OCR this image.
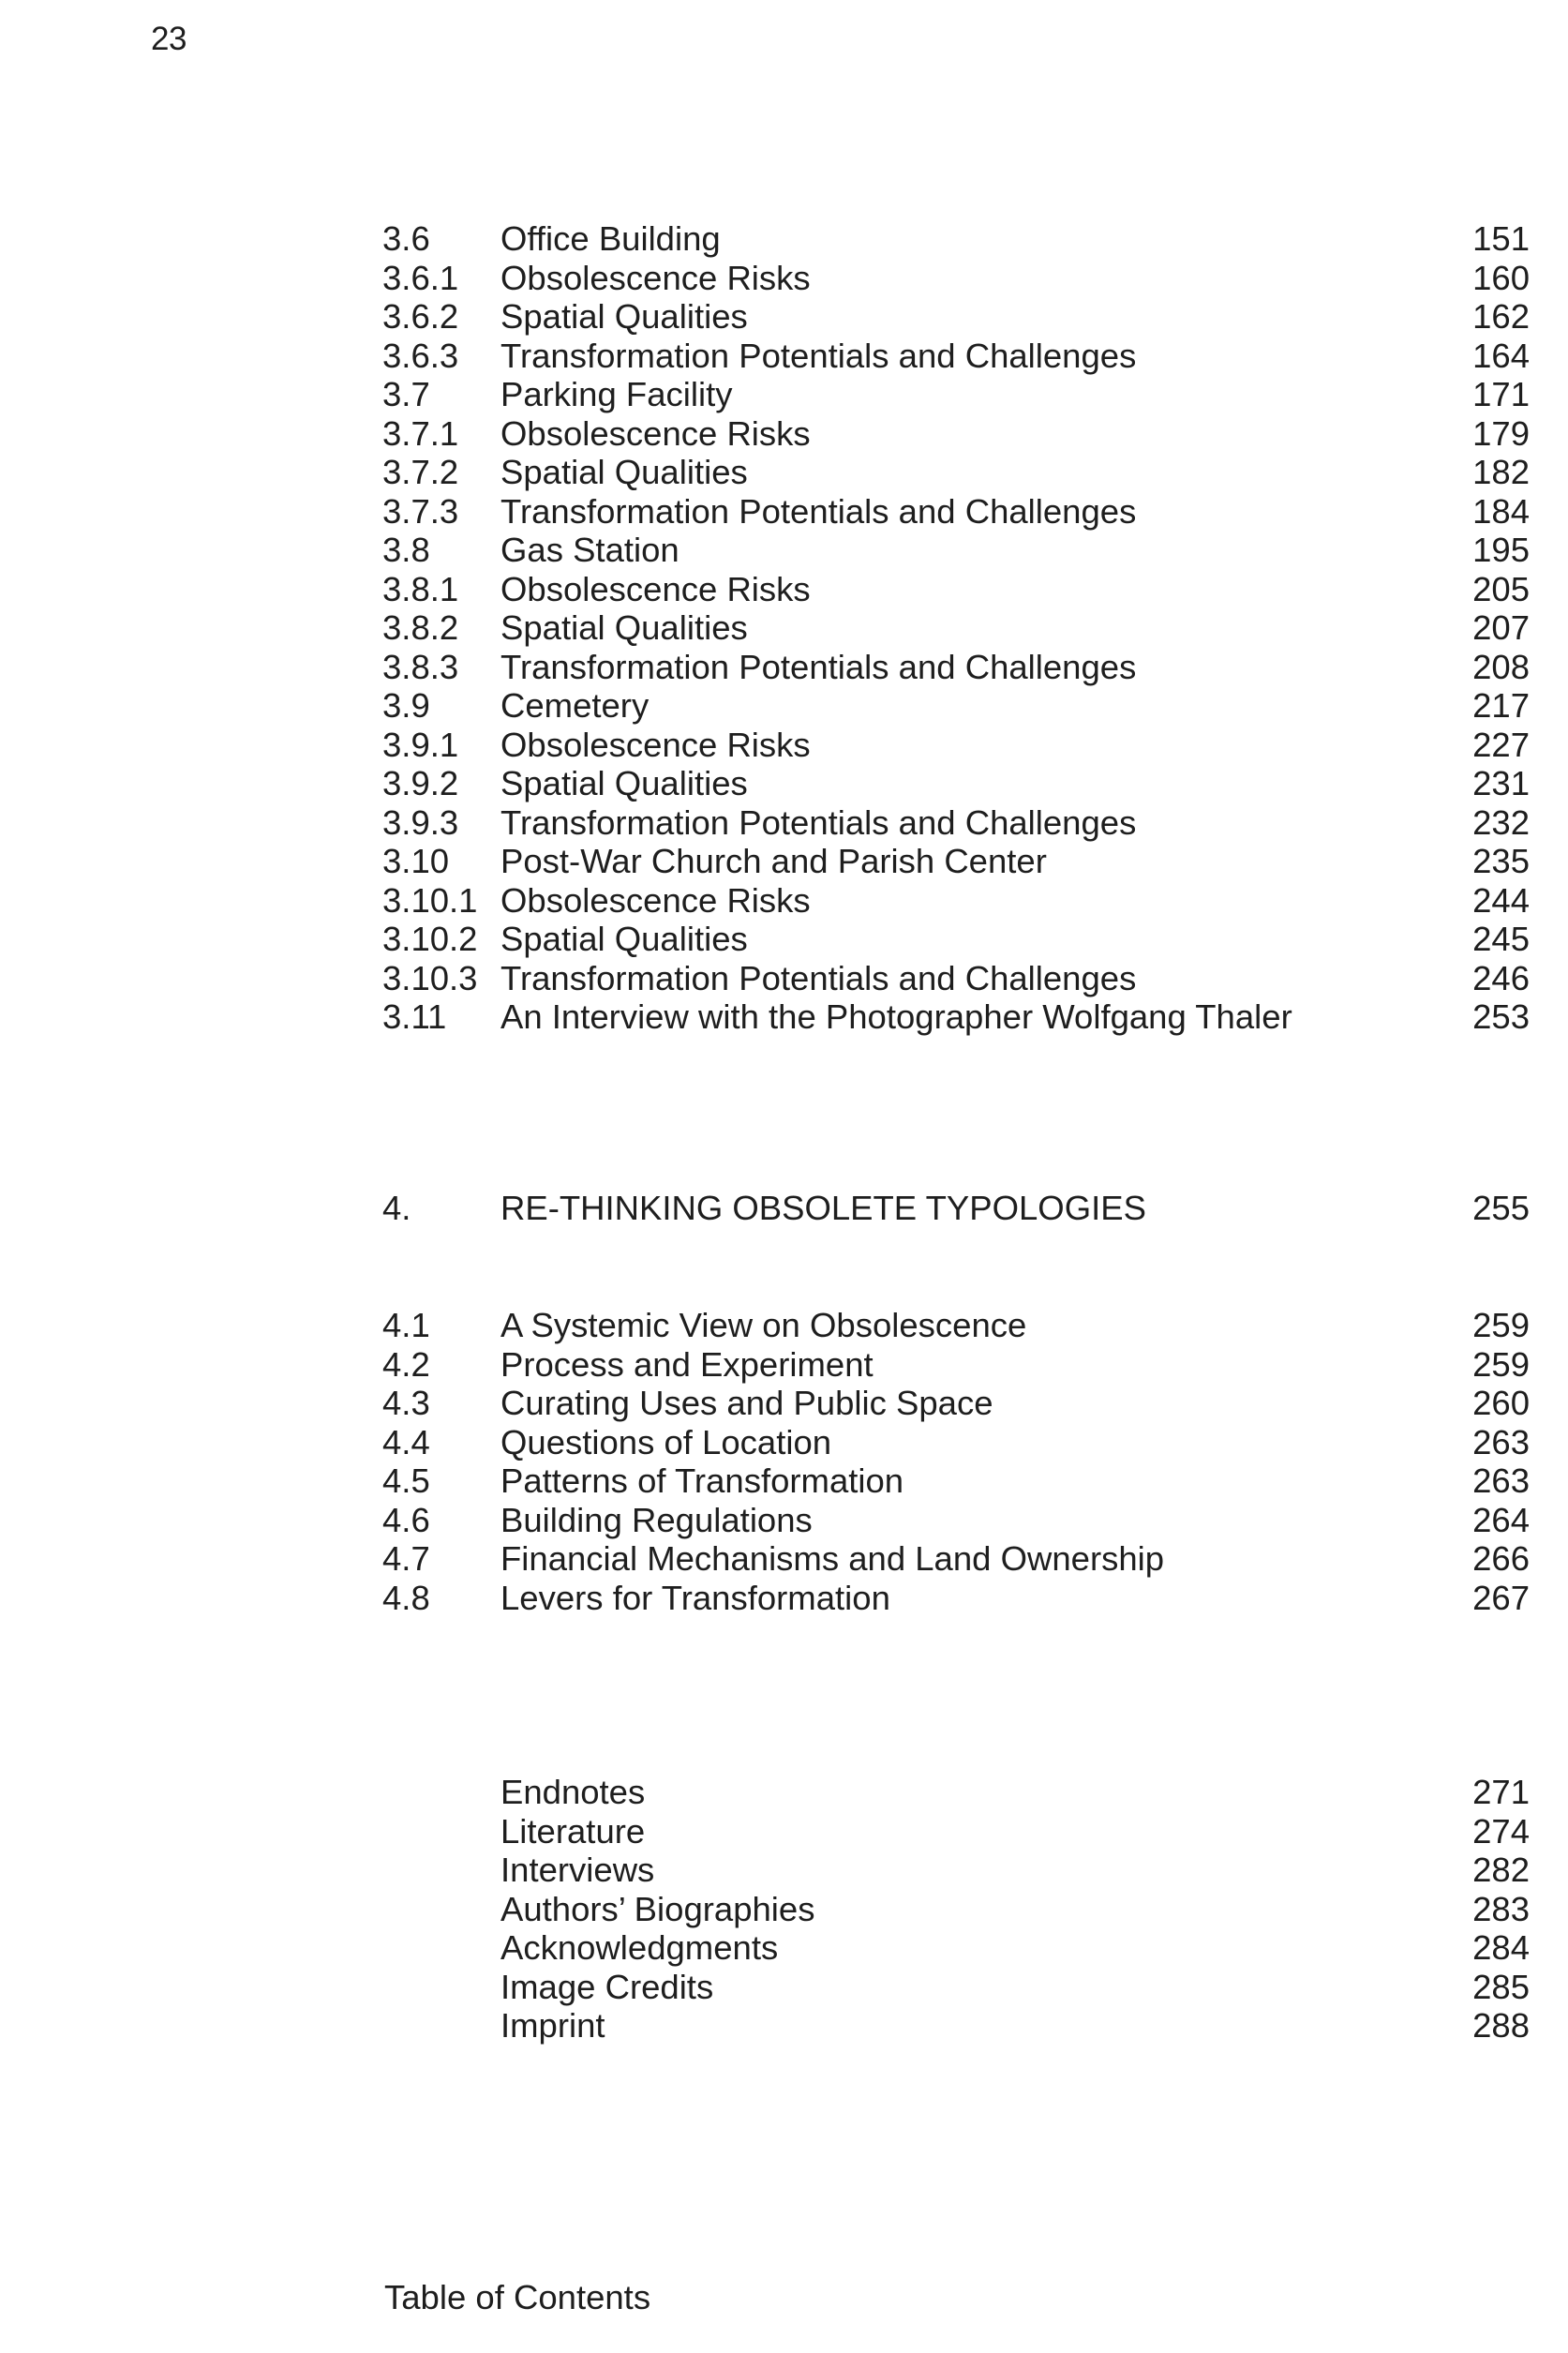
23
3.6 Office Building	151
3.6.1 Obsolescence Risks	160
3.6.2 Spatial Qualities	162
3.6.3 Transformation Potentials and Challenges	164
3.7 Parking Facility	171
3.7.1 Obsolescence Risks	179
3.7.2 Spatial Qualities	182
3.7.3 Transformation Potentials and Challenges	184
3.8 Gas Station	195
3.8.1 Obsolescence Risks	205
3.8.2 Spatial Qualities	207
3.8.3 Transformation Potentials and Challenges	208
3.9 Cemetery	217
3.9.1 Obsolescence Risks	227
3.9.2 Spatial Qualities	231
3.9.3 Transformation Potentials and Challenges	232
3.10 Post-War Church and Parish Center	235
3.10.1 Obsolescence Risks	244
3.10.2 Spatial Qualities	245
3.10.3 Transformation Potentials and Challenges	246
3.11 An Interview with the Photographer Wolfgang Thaler	253
4.	RE-THINKING OBSOLETE TYPOLOGIES	255
4.1 A Systemic View on Obsolescence	259
4.2 Process and Experiment	259
4.3 Curating Uses and Public Space	260
4.4 Questions of Location	263
4.5 Patterns of Transformation	263
4.6 Building Regulations	264
4.7 Financial Mechanisms and Land Ownership	266
4.8 Levers for Transformation	267
Endnotes	271
Literature	274
Interviews	282
Authors’ Biographies	283
Acknowledgments	284
Image Credits	285
Imprint	288
Table of Contents
